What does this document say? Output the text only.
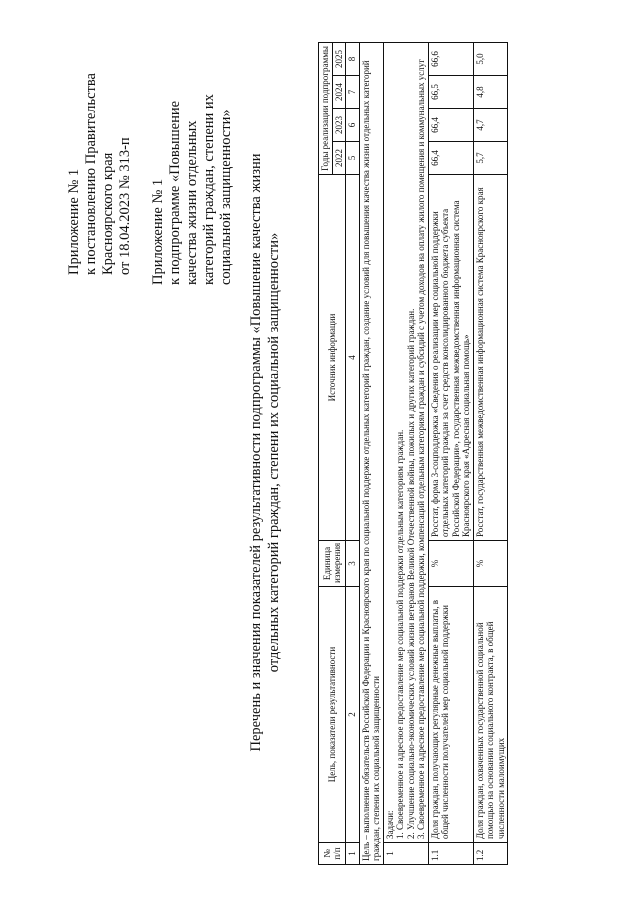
Приложение № 1 к постановлению Правительства Красноярского края от 18.04.2023 № 313-п Приложение № 1 к подпрограмме «Повышение качества жизни отдельных категорий граждан, степени их социальной защищенности» Перечень и значения показателей результативности подпрограммы «Повышение качества жизни отдельных категорий граждан, степени их социальной защищенности»
№ п/п	Цель, показатели результативности	Единица измерения	Источник информации	Годы реализации подпрограммы			
				2022	2023	2024	2025
1	2	3	4	5	6	7	8
Цель – выполнение обязательств Российской Федерации и Красноярского края по социальной поддержке отдельных категорий граждан, создание условий для повышения качества жизни отдельных категорий граждан, степени их социальной защищенности							
1	Задачи: 1. Своевременное и адресное предоставление мер социальной поддержки отдельным категориям граждан. 2. Улучшение социально-экономических условий жизни ветеранов Великой Отечественной войны, пожилых и других категорий граждан. 3. Своевременное и адресное предоставление мер социальной поддержки, компенсаций отдельным категориям граждан и субсидий с учетом доходов на оплату жилого помещения и коммунальных услуг						

1.1	Доля граждан, получающих регулярные денежные выплаты, в общей численности получателей мер социальной поддержки	%	Росстат, форма 3-соцподдержка «Сведения о реализации мер социальной поддержки отдельных категорий граждан за счет средств консолидированного бюджета субъекта Российской Федерации», государственная межведомственная информационная система Красноярского края «Адресная социальная помощь»	66,4	66,4	66,5	66,6
1.2	Доля граждан, охваченных государственной социальной помощью на основании социального контракта, в общей численности малоимущих	%	Росстат, государственная межведомственная информационная система Красноярского края	5,7	4,7	4,8	5,0
